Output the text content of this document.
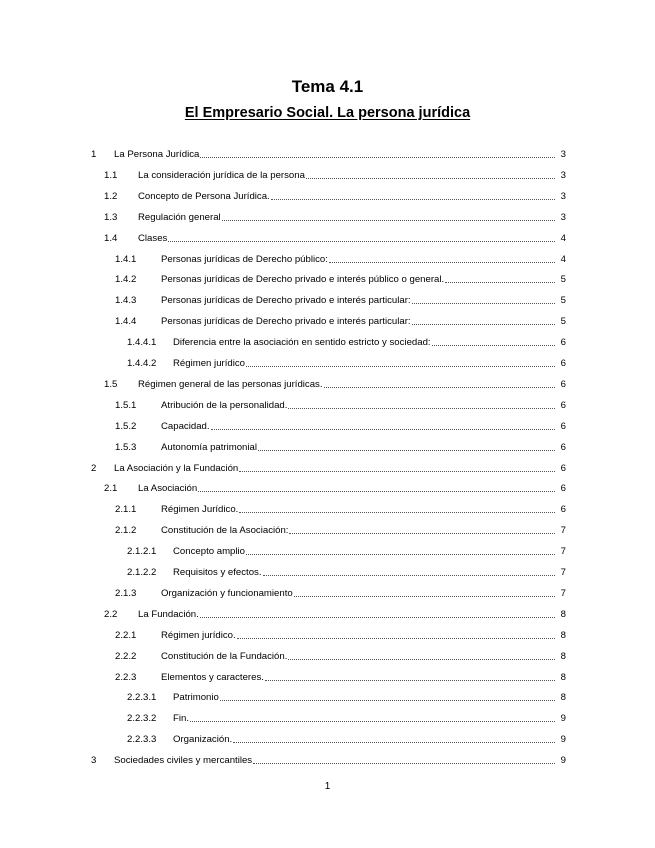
Tema 4.1
El Empresario Social. La persona jurídica
1	La Persona Jurídica	3
1.1	La consideración jurídica de la persona	3
1.2	Concepto de Persona Jurídica.	3
1.3	Regulación general	3
1.4	Clases	4
1.4.1	Personas jurídicas de Derecho público:	4
1.4.2	Personas jurídicas de Derecho privado e interés público o general.	5
1.4.3	Personas jurídicas de Derecho privado e interés particular:	5
1.4.4	Personas jurídicas de Derecho privado e interés particular:	5
1.4.4.1	Diferencia entre la asociación en sentido estricto y sociedad:	6
1.4.4.2	Régimen jurídico	6
1.5	Régimen general de las personas jurídicas.	6
1.5.1	Atribución de la personalidad.	6
1.5.2	Capacidad.	6
1.5.3	Autonomía patrimonial	6
2	La Asociación y la Fundación	6
2.1	La Asociación	6
2.1.1	Régimen Jurídico.	6
2.1.2	Constitución de la Asociación:	7
2.1.2.1	Concepto amplio	7
2.1.2.2	Requisitos y efectos.	7
2.1.3	Organización y funcionamiento	7
2.2	La Fundación.	8
2.2.1	Régimen jurídico.	8
2.2.2	Constitución de la Fundación.	8
2.2.3	Elementos y caracteres.	8
2.2.3.1	Patrimonio	8
2.2.3.2	Fin.	9
2.2.3.3	Organización.	9
3	Sociedades civiles y mercantiles	9
1
